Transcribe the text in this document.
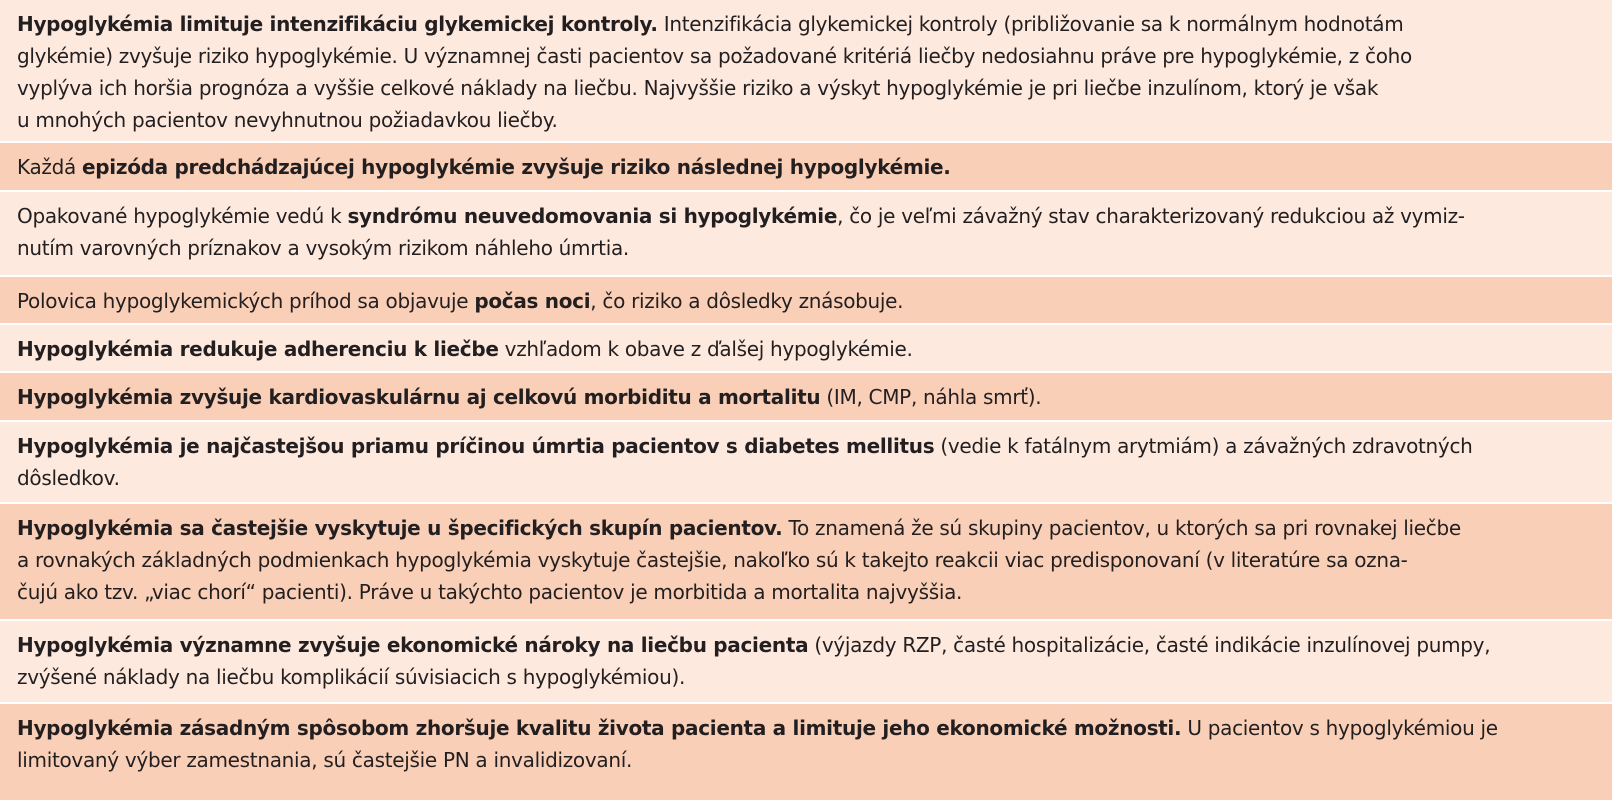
Hypoglykémia limituje intenzifikáciu glykemickej kontroly. Intenzifikácia glykemickej kontroly (približovanie sa k normálnym hodnotám
glykémie) zvyšuje riziko hypoglykémie. U významnej časti pacientov sa požadované kritériá liečby nedosiahnu práve pre hypoglykémie, z čoho
vyplýva ich horšia prognóza a vyššie celkové náklady na liečbu. Najvyššie riziko a výskyt hypoglykémie je pri liečbe inzulínom, ktorý je však
u mnohých pacientov nevyhnutnou požiadavkou liečby.
Každá epizóda predchádzajúcej hypoglykémie zvyšuje riziko následnej hypoglykémie.
Opakované hypoglykémie vedú k syndrómu neuvedomovania si hypoglykémie, čo je veľmi závažný stav charakterizovaný redukciou až vymiz-
nutím varovných príznakov a vysokým rizikom náhleho úmrtia.
Polovica hypoglykemických príhod sa objavuje počas noci, čo riziko a dôsledky znásobuje.
Hypoglykémia redukuje adherenciu k liečbe vzhľadom k obave z ďalšej hypoglykémie.
Hypoglykémia zvyšuje kardiovaskulárnu aj celkovú morbiditu a mortalitu (IM, CMP, náhla smrť).
Hypoglykémia je najčastejšou priamu príčinou úmrtia pacientov s diabetes mellitus (vedie k fatálnym arytmiám) a závažných zdravotných
dôsledkov.
Hypoglykémia sa častejšie vyskytuje u špecifických skupín pacientov. To znamená že sú skupiny pacientov, u ktorých sa pri rovnakej liečbe
a rovnakých základných podmienkach hypoglykémia vyskytuje častejšie, nakoľko sú k takejto reakcii viac predisponovaní (v literatúre sa ozna-
čujú ako tzv. „viac chorí“ pacienti). Práve u takýchto pacientov je morbitida a mortalita najvyššia.
Hypoglykémia významne zvyšuje ekonomické nároky na liečbu pacienta (výjazdy RZP, časté hospitalizácie, časté indikácie inzulínovej pumpy,
zvýšené náklady na liečbu komplikácií súvisiacich s hypoglykémiou).
Hypoglykémia zásadným spôsobom zhoršuje kvalitu života pacienta a limituje jeho ekonomické možnosti. U pacientov s hypoglykémiou je
limitovaný výber zamestnania, sú častejšie PN a invalidizovaní.
